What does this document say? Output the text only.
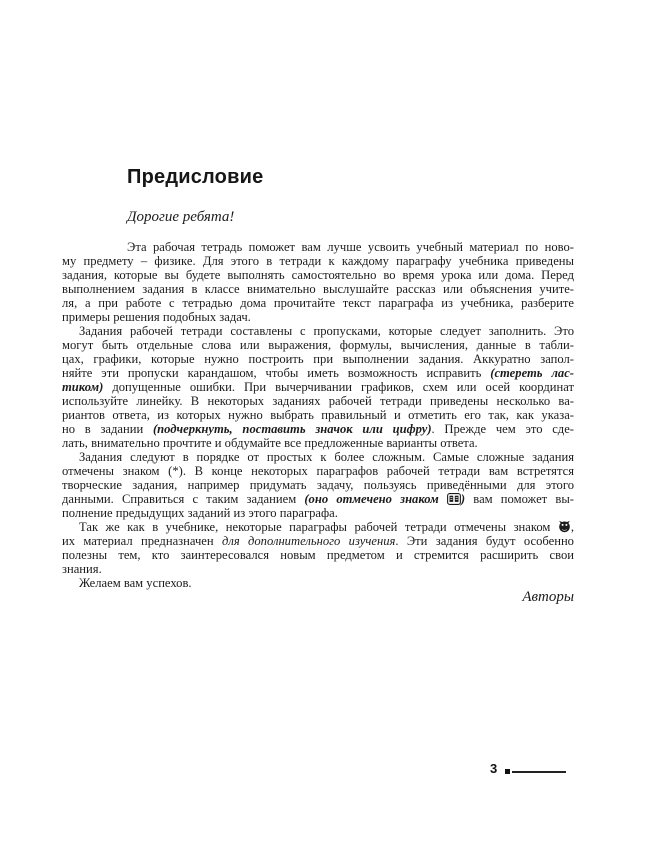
Предисловие
Дорогие ребята!
Эта рабочая тетрадь поможет вам лучше усвоить учебный материал по ново-
му предмету – физике. Для этого в тетради к каждому параграфу учебника приведены
задания, которые вы будете выполнять самостоятельно во время урока или дома. Перед
выполнением задания в классе внимательно выслушайте рассказ или объяснения учите-
ля, а при работе с тетрадью дома прочитайте текст параграфа из учебника, разберите
примеры решения подобных задач.
Задания рабочей тетради составлены с пропусками, которые следует заполнить. Это
могут быть отдельные слова или выражения, формулы, вычисления, данные в табли-
цах, графики, которые нужно построить при выполнении задания. Аккуратно запол-
няйте эти пропуски карандашом, чтобы иметь возможность исправить (стереть лас-
тиком) допущенные ошибки. При вычерчивании графиков, схем или осей координат
используйте линейку. В некоторых заданиях рабочей тетради приведены несколько ва-
риантов ответа, из которых нужно выбрать правильный и отметить его так, как указа-
но в задании (подчеркнуть, поставить значок или цифру). Прежде чем это сде-
лать, внимательно прочтите и обдумайте все предложенные варианты ответа.
Задания следуют в порядке от простых к более сложным. Самые сложные задания
отмечены знаком (*). В конце некоторых параграфов рабочей тетради вам встретятся
творческие задания, например придумать задачу, пользуясь приведёнными для этого
данными. Справиться с таким заданием (оно отмечено знаком ) вам поможет вы-
полнение предыдущих заданий из этого параграфа.
Так же как в учебнике, некоторые параграфы рабочей тетради отмечены знаком ,
их материал предназначен для дополнительного изучения. Эти задания будут особенно
полезны тем, кто заинтересовался новым предметом и стремится расширить свои
знания.
Желаем вам успехов.
Авторы
3
